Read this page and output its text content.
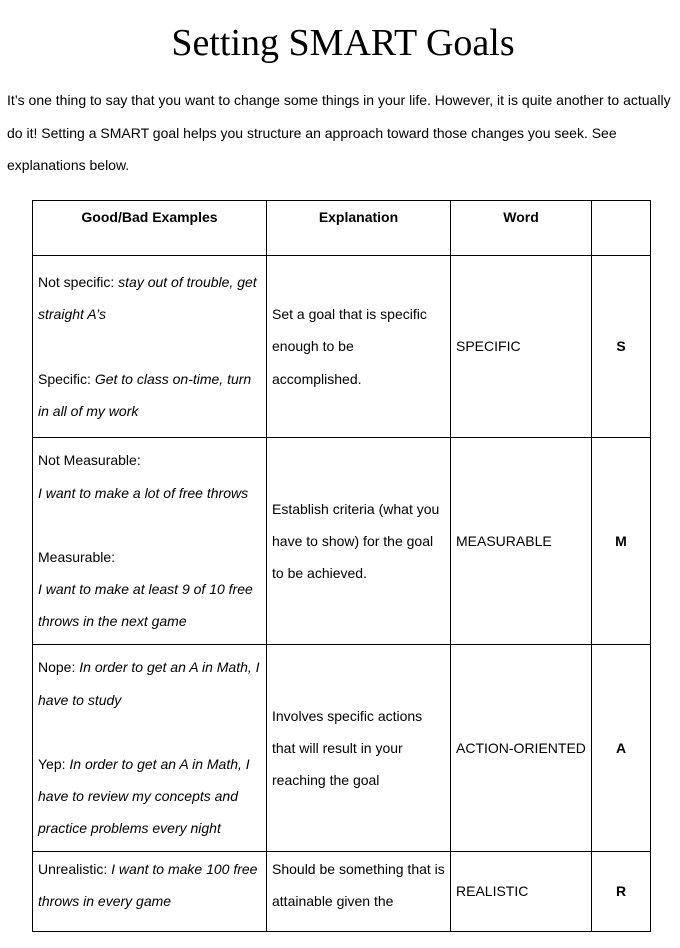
Setting SMART Goals
It’s one thing to say that you want to change some things in your life. However, it is quite another to actually do it! Setting a SMART goal helps you structure an approach toward those changes you seek. See explanations below.
Good/Bad Examples	Explanation	Word	

Not specific: stay out of trouble, get straight A’s
Specific: Get to class on-time, turn in all of my work	Set a goal that is specific enough to be accomplished.	SPECIFIC	S

Not Measurable:
I want to make a lot of free throws
Measurable:
I want to make at least 9 of 10 free throws in the next game	Establish criteria (what you have to show) for the goal to be achieved.	MEASURABLE	M

Nope: In order to get an A in Math, I have to study
Yep: In order to get an A in Math, I have to review my concepts and practice problems every night	Involves specific actions that will result in your reaching the goal	ACTION-ORIENTED	A

Unrealistic: I want to make 100 free throws in every game	Should be something that is attainable given the	REALISTIC	R
